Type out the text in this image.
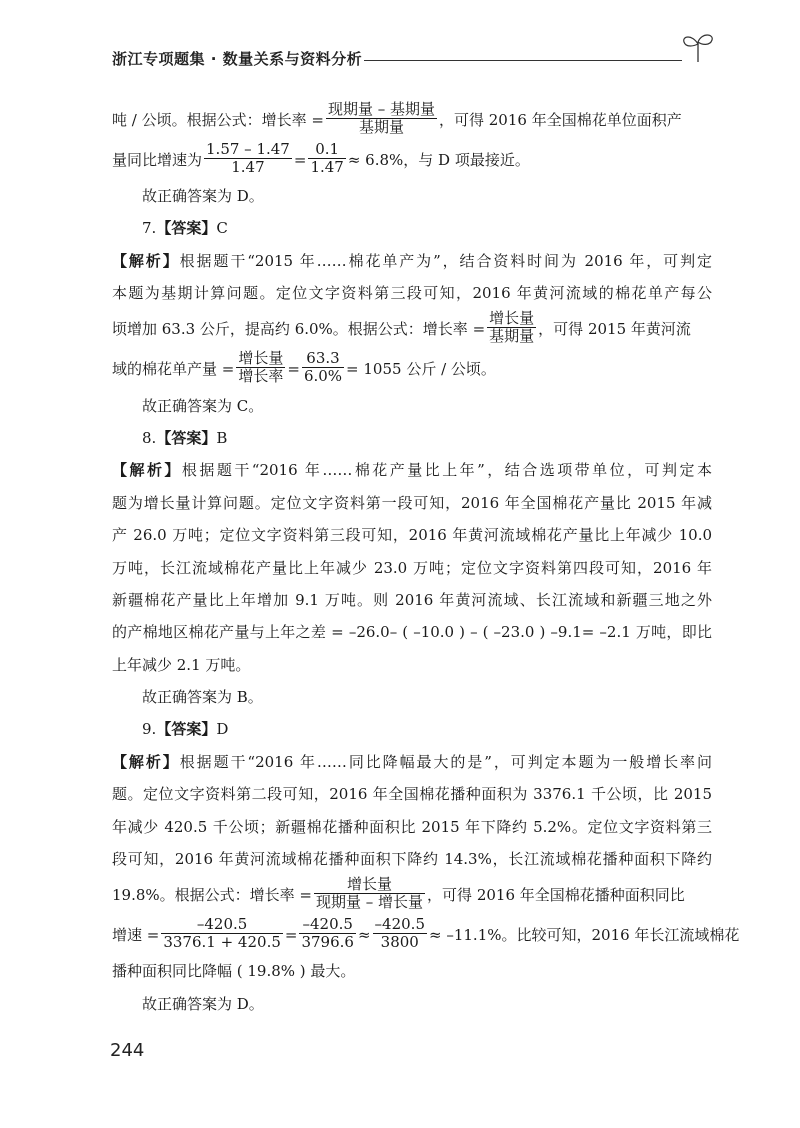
浙江专项题集 · 数量关系与资料分析
吨 / 公顷。根据公式：增长率 = $\frac{\text{现期量 – 基期量}}{\text{基期量}}$ ，可得 2016 年全国棉花单位面积产
量同比增速为 $\frac{1.57 - 1.47}{1.47} = \frac{0.1}{1.47} \approx 6.8\%$，与 D 项最接近。
故正确答案为 D。
7.【答案】C
【解析】根据题干“2015 年……棉花单产为”，结合资料时间为 2016 年，可判定
本题为基期计算问题。定位文字资料第三段可知，2016 年黄河流域的棉花单产每公
顷增加 63.3 公斤，提高约 6.0%。根据公式：增长率 = $\frac{\text{增长量}}{\text{基期量}}$ ，可得 2015 年黄河流
域的棉花单产量 = $\frac{\text{增长量}}{\text{增长率}} = \frac{63.3}{6.0\%} = 1055$ 公斤 / 公顷。
故正确答案为 C。
8.【答案】B
【解析】根据题干“2016 年……棉花产量比上年”，结合选项带单位，可判定本
题为增长量计算问题。定位文字资料第一段可知，2016 年全国棉花产量比 2015 年减
产 26.0 万吨；定位文字资料第三段可知，2016 年黄河流域棉花产量比上年减少 10.0
万吨，长江流域棉花产量比上年减少 23.0 万吨；定位文字资料第四段可知，2016 年
新疆棉花产量比上年增加 9.1 万吨。则 2016 年黄河流域、长江流域和新疆三地之外
的产棉地区棉花产量与上年之差 = –26.0– ( –10.0 ) – ( –23.0 ) –9.1= –2.1 万吨，即比
上年减少 2.1 万吨。
故正确答案为 B。
9.【答案】D
【解析】根据题干“2016 年……同比降幅最大的是”，可判定本题为一般增长率问
题。定位文字资料第二段可知，2016 年全国棉花播种面积为 3376.1 千公顷，比 2015
年减少 420.5 千公顷；新疆棉花播种面积比 2015 年下降约 5.2%。定位文字资料第三
段可知，2016 年黄河流域棉花播种面积下降约 14.3%，长江流域棉花播种面积下降约
19.8%。根据公式：增长率 = $\frac{\text{增长量}}{\text{现期量 – 增长量}}$ ，可得 2016 年全国棉花播种面积同比
增速 = $\frac{-420.5}{3376.1 + 420.5} = \frac{-420.5}{3796.6} \approx \frac{-420.5}{3800} \approx -11.1\%$。比较可知，2016 年长江流域棉花
播种面积同比降幅 ( 19.8% ) 最大。
故正确答案为 D。
244
